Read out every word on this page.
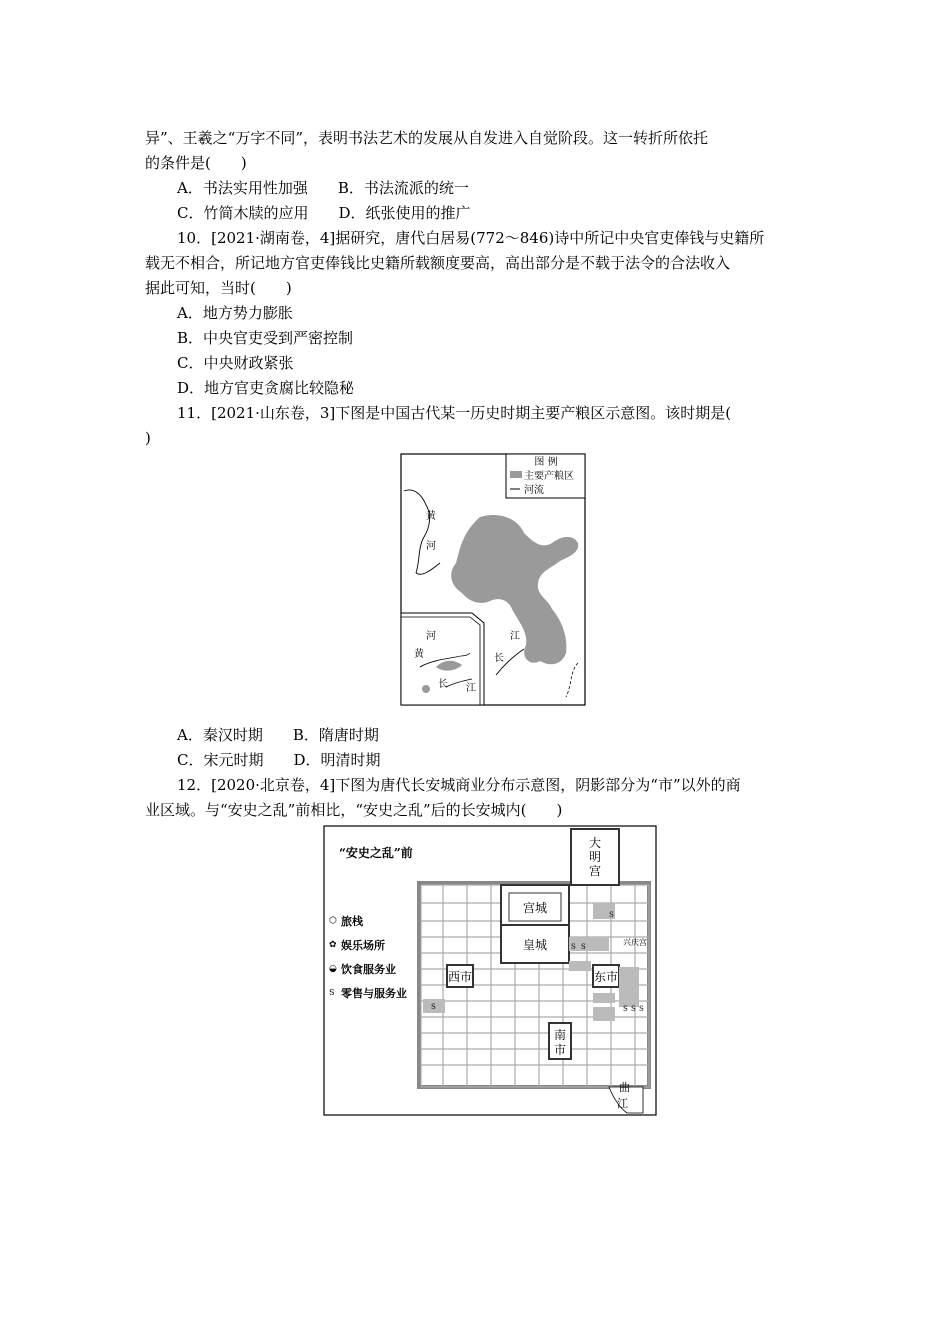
异”、王羲之“万字不同”，表明书法艺术的发展从自发进入自觉阶段。这一转折所依托
的条件是(　　)
A．书法实用性加强　　B．书法流派的统一
C．竹简木牍的应用　　D．纸张使用的推广
10．[2021·湖南卷，4]据研究，唐代白居易(772～846)诗中所记中央官吏俸钱与史籍所
载无不相合，所记地方官吏俸钱比史籍所载额度要高，高出部分是不载于法令的合法收入
据此可知，当时(　　)
A．地方势力膨胀
B．中央官吏受到严密控制
C．中央财政紧张
D．地方官吏贪腐比较隐秘
11．[2021·山东卷，3]下图是中国古代某一历史时期主要产粮区示意图。该时期是(
)
图 例
主要产粮区
河流
黄
河
江
长
河
黄
长 江
A．秦汉时期　　B．隋唐时期
C．宋元时期　　D．明清时期
12．[2020·北京卷，4]下图为唐代长安城商业分布示意图，阴影部分为“市”以外的商
业区域。与“安史之乱”前相比，“安史之乱”后的长安城内(　　)
“安史之乱”前
大
明
宫
宫城
皇城
西市	东市
南
市
兴庆宫
S
S S
S S S
S
曲
江
⬡ 旅栈
✿ 娱乐场所
◒ 饮食服务业
S 零售与服务业
